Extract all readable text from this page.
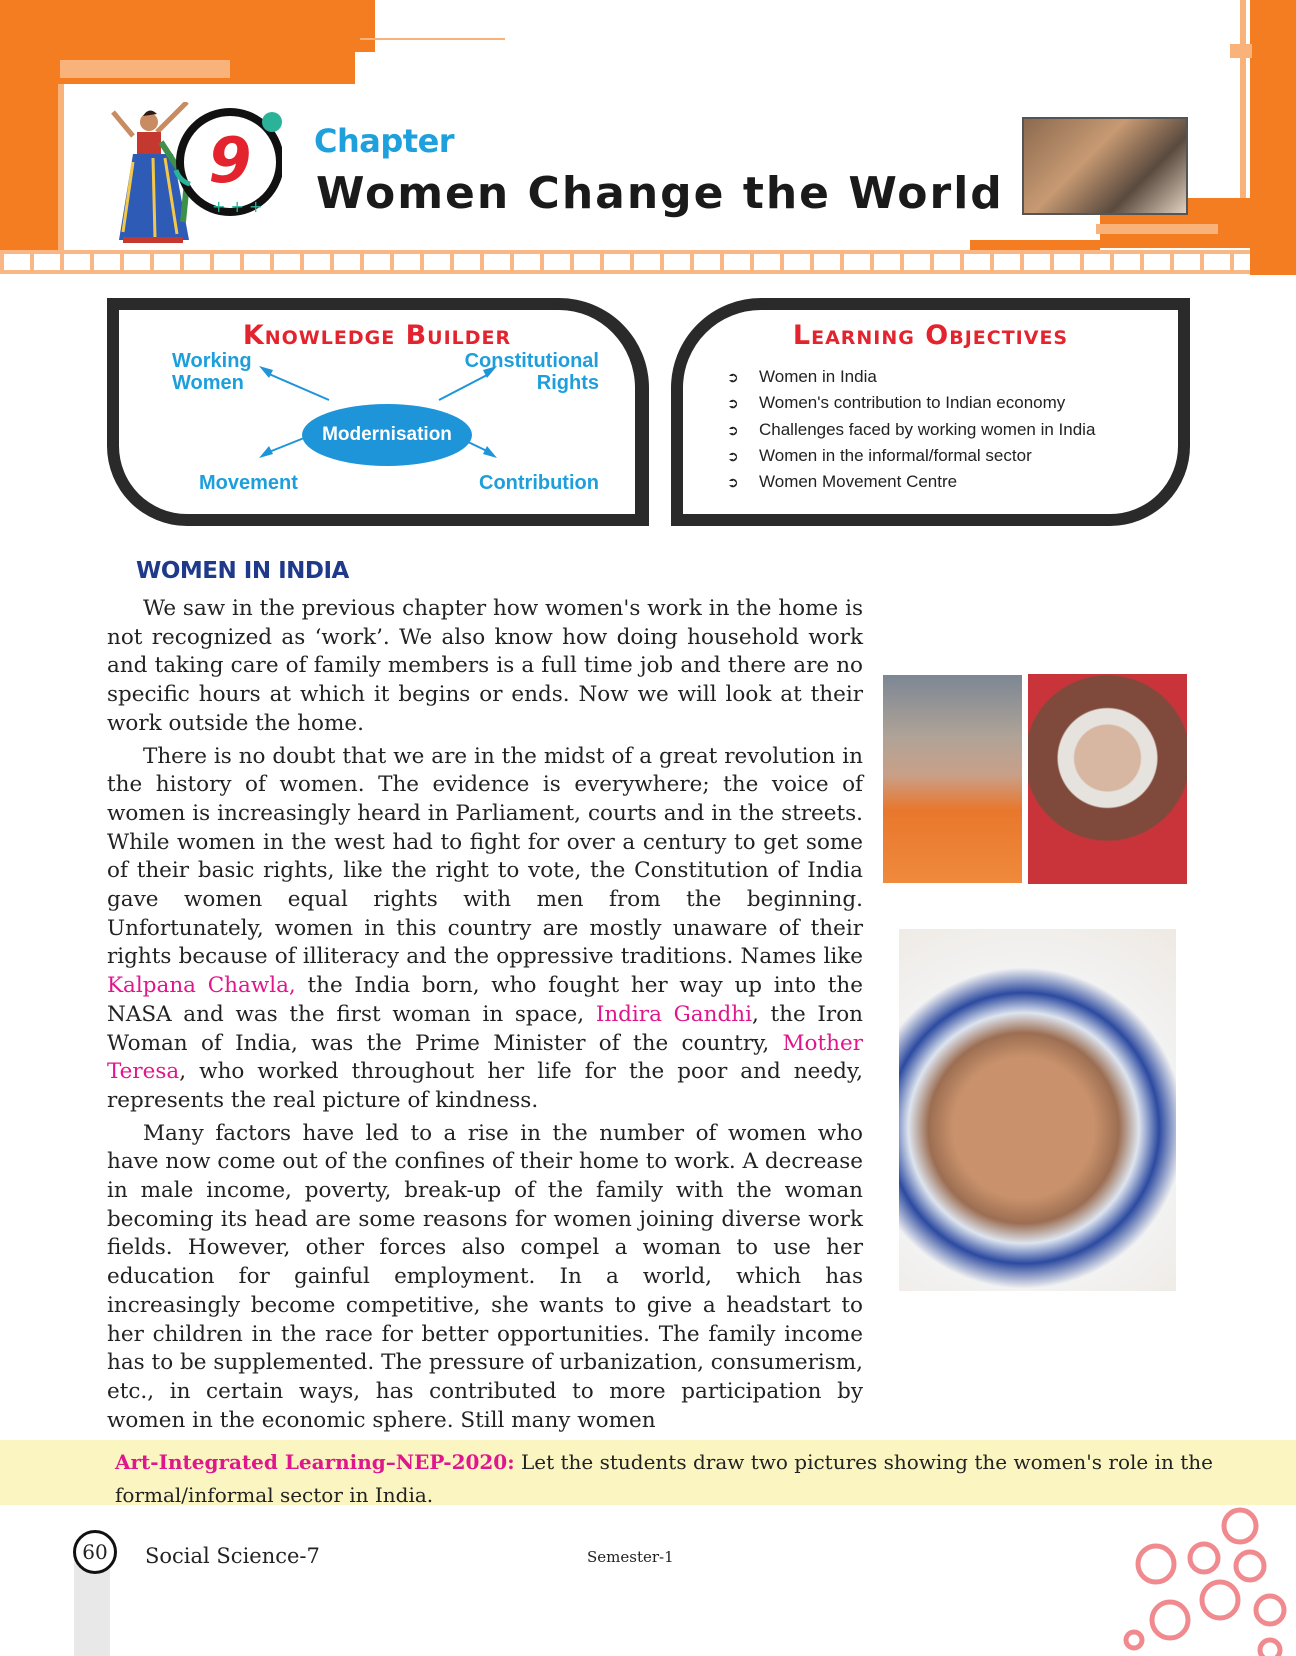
9
+ + +
Chapter
Women Change the World
Knowledge Builder
Working
Women
Constitutional
Rights
Movement	Contribution
Modernisation
Learning Objectives
➲ Women in India
➲ Women's contribution to Indian economy
➲ Challenges faced by working women in India
➲ Women in the informal/formal sector
➲ Women Movement Centre
WOMEN IN INDIA

We saw in the previous chapter how women's work in the home is not recognized as ‘work’. We also know how doing household work and taking care of family members is a full time job and there are no specific hours at which it begins or ends. Now we will look at their work outside the home.

There is no doubt that we are in the midst of a great revolution in the history of women. The evidence is everywhere; the voice of women is increasingly heard in Parliament, courts and in the streets. While women in the west had to fight for over a century to get some of their basic rights, like the right to vote, the Constitution of India gave women equal rights with men from the beginning. Unfortunately, women in this country are mostly unaware of their rights because of illiteracy and the oppressive traditions. Names like Kalpana Chawla, the India born, who fought her way up into the NASA and was the first woman in space, Indira Gandhi, the Iron Woman of India, was the Prime Minister of the country, Mother Teresa, who worked throughout her life for the poor and needy, represents the real picture of kindness.

Many factors have led to a rise in the number of women who have now come out of the confines of their home to work. A decrease in male income, poverty, break-up of the family with the woman becoming its head are some reasons for women joining diverse work fields. However, other forces also compel a woman to use her education for gainful employment. In a world, which has increasingly become competitive, she wants to give a headstart to her children in the race for better opportunities. The family income has to be supplemented. The pressure of urbanization, consumerism, etc., in certain ways, has contributed to more participation by women in the economic sphere. Still many women

Art-Integrated Learning–NEP-2020: Let the students draw two pictures showing the women's role in the formal/informal sector in India.
60	Social Science-7	Semester-1
